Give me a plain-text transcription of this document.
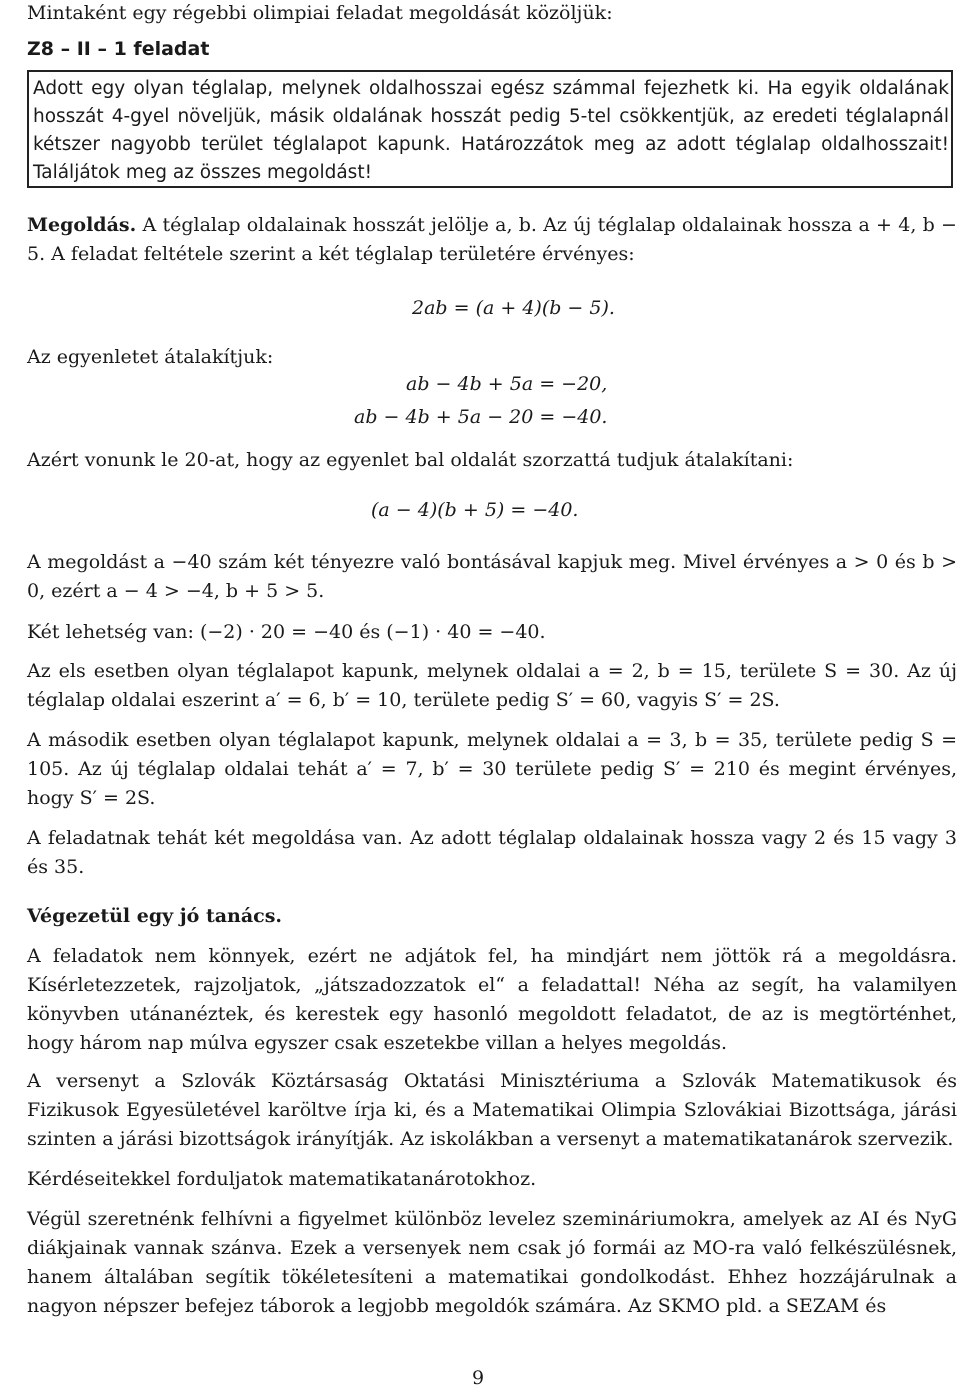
Mintaként egy régebbi olimpiai feladat megoldását közöljük:
Z8 – II – 1 feladat

Adott egy olyan téglalap, melynek oldalhosszai egész számmal fejezhetk ki. Ha egyik oldalának hosszát 4-gyel növeljük, másik oldalának hosszát pedig 5-tel csökkentjük, az eredeti téglalapnál kétszer nagyobb terület téglalapot kapunk. Határozzátok meg az adott téglalap oldalhosszait! Találjátok meg az összes megoldást!

Megoldás. A téglalap oldalainak hosszát jelölje a, b. Az új téglalap oldalainak hossza a + 4, b − 5. A feladat feltétele szerint a két téglalap területére érvényes:

2ab = (a + 4)(b − 5).

Az egyenletet átalakítjuk:

ab − 4b + 5a = −20,
ab − 4b + 5a − 20 = −40.

Azért vonunk le 20-at, hogy az egyenlet bal oldalát szorzattá tudjuk átalakítani:

(a − 4)(b + 5) = −40.

A megoldást a −40 szám két tényezre való bontásával kapjuk meg. Mivel érvényes a > 0 és b > 0, ezért a − 4 > −4, b + 5 > 5.

Két lehetség van: (−2) · 20 = −40 és (−1) · 40 = −40.

Az els esetben olyan téglalapot kapunk, melynek oldalai a = 2, b = 15, területe S = 30. Az új téglalap oldalai eszerint a′ = 6, b′ = 10, területe pedig S′ = 60, vagyis S′ = 2S.

A második esetben olyan téglalapot kapunk, melynek oldalai a = 3, b = 35, területe pedig S = 105. Az új téglalap oldalai tehát a′ = 7, b′ = 30 területe pedig S′ = 210 és megint érvényes, hogy S′ = 2S.

A feladatnak tehát két megoldása van. Az adott téglalap oldalainak hossza vagy 2 és 15 vagy 3 és 35.

Végezetül egy jó tanács.

A feladatok nem könnyek, ezért ne adjátok fel, ha mindjárt nem jöttök rá a megoldásra. Kísérletezzetek, rajzoljatok, „játszadozzatok el“ a feladattal! Néha az segít, ha valamilyen könyvben utánanéztek, és kerestek egy hasonló megoldott feladatot, de az is megtörténhet, hogy három nap múlva egyszer csak eszetekbe villan a helyes megoldás.

A versenyt a Szlovák Köztársaság Oktatási Minisztériuma a Szlovák Matematikusok és Fizikusok Egyesületével karöltve írja ki, és a Matematikai Olimpia Szlovákiai Bizottsága, járási szinten a járási bizottságok irányítják. Az iskolákban a versenyt a matematikatanárok szervezik.

Kérdéseitekkel forduljatok matematikatanárotokhoz.

Végül szeretnénk felhívni a figyelmet különböz levelez szemináriumokra, amelyek az AI és NyG diákjainak vannak szánva. Ezek a versenyek nem csak jó formái az MO-ra való felkészülésnek, hanem általában segítik tökéletesíteni a matematikai gondolkodást. Ehhez hozzájárulnak a nagyon népszer befejez táborok a legjobb megoldók számára. Az SKMO pld. a SEZAM és

9
